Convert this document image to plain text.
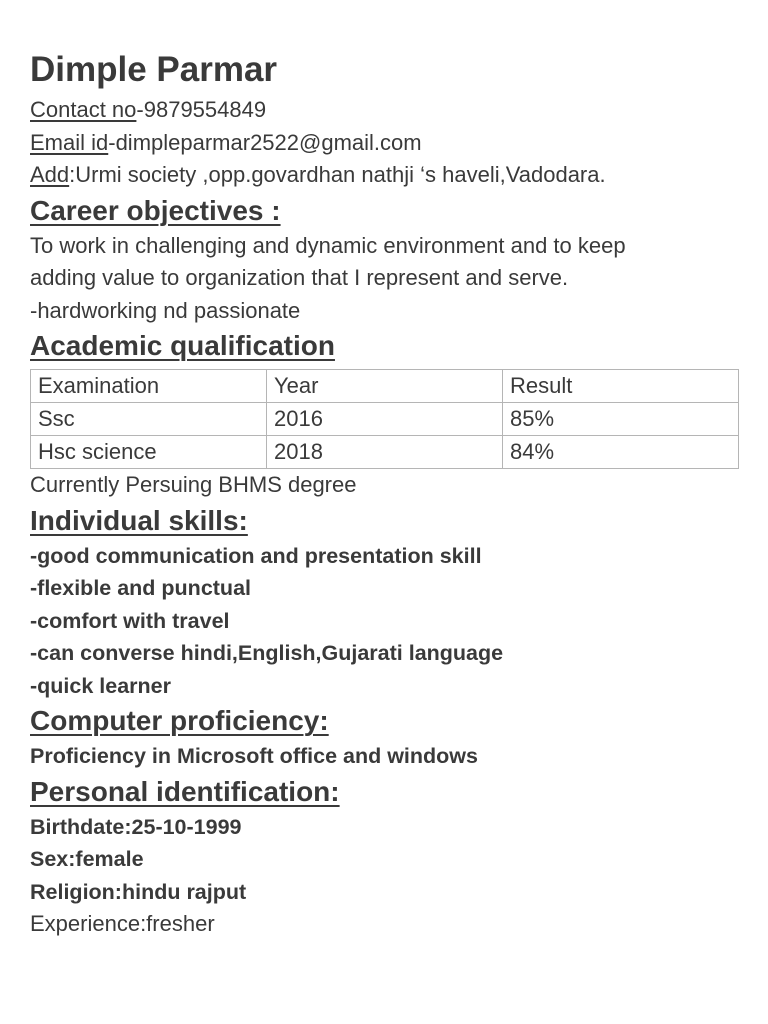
Dimple Parmar
Contact no-9879554849
Email id-dimpleparmar2522@gmail.com
Add:Urmi society ,opp.govardhan nathji ‘s haveli,Vadodara.
Career objectives :
To work in challenging and dynamic environment and to keep
adding value to organization that I represent and serve.
-hardworking nd passionate
Academic qualification
Examination	Year	Result
Ssc	2016	85%
Hsc science	2018	84%
Currently Persuing BHMS degree
Individual skills:
-good communication and presentation skill
-flexible and punctual
-comfort with travel
-can converse hindi,English,Gujarati language
-quick learner
Computer proficiency:
Proficiency in Microsoft office and windows
Personal identification:
Birthdate:25-10-1999
Sex:female
Religion:hindu rajput
Experience:fresher
